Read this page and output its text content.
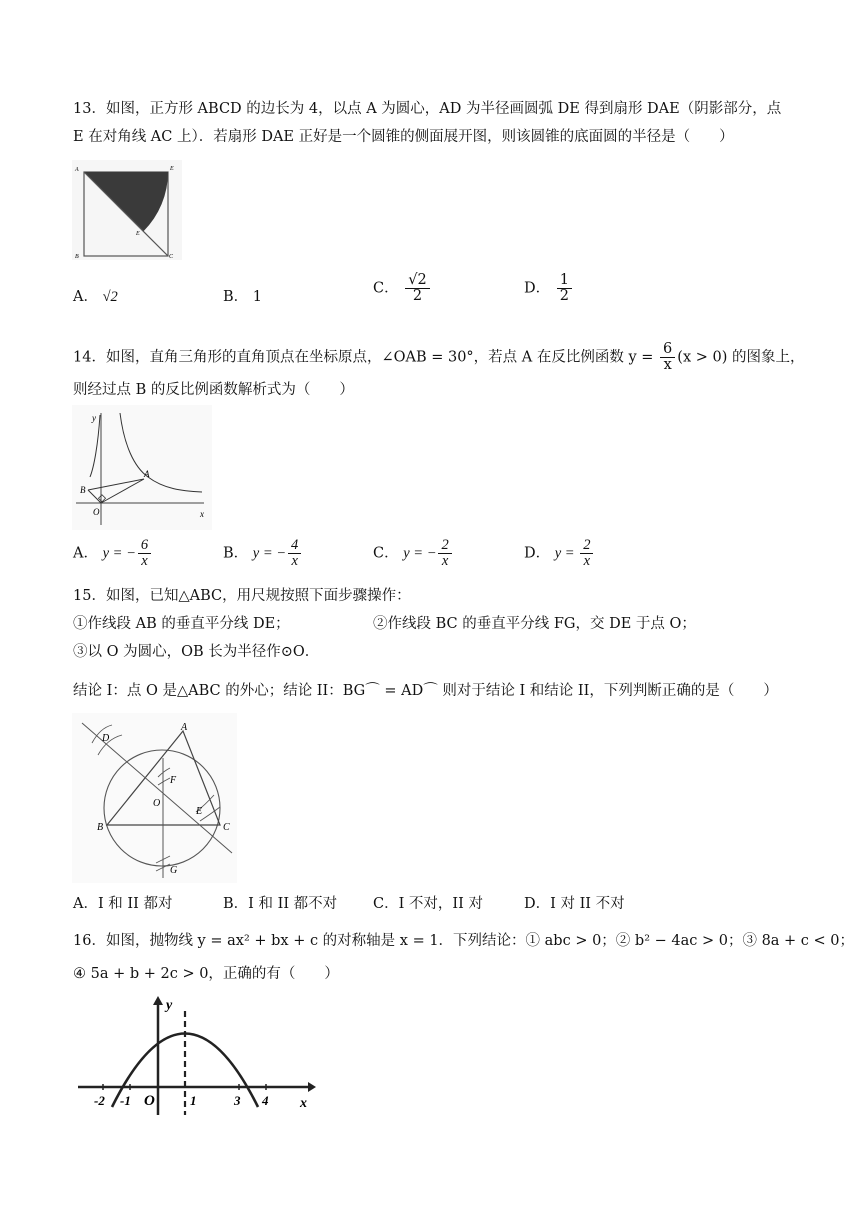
13．如图，正方形 ABCD 的边长为 4，以点 A 为圆心，AD 为半径画圆弧 DE 得到扇形 DAE（阴影部分，点
E 在对角线 AC 上）．若扇形 DAE 正好是一个圆锥的侧面展开图，则该圆锥的底面圆的半径是（　　）
A	E
E
B	C
A． √2	B． 1
C． $\frac{√2}{2}$	D． $\frac{1}{2}$
14．如图，直角三角形的直角顶点在坐标原点，∠OAB = 30°，若点 A 在反比例函数 $y = \frac{6}{x} (x > 0)$ 的图象上，
则经过点 B 的反比例函数解析式为（　　）
y
A
B
O	x
A． y = − $\frac{6}{x}$	B． y = − $\frac{4}{x}$	C． y = − $\frac{2}{x}$	D． $y = \frac{2}{x}$
15．如图，已知△ABC，用尺规按照下面步骤操作：
①作线段 AB 的垂直平分线 DE；	②作线段 BC 的垂直平分线 FG，交 DE 于点 O；
③以 O 为圆心，OB 长为半径作⊙O．
结论 I：点 O 是△ABC 的外心；结论 II：BG⌒ = AD⌒ 则对于结论 I 和结论 II，下列判断正确的是（　　）
D
A
F
O
E
B	C
G
A．I 和 II 都对	B．I 和 II 都不对 C．I 不对，II 对	D．I 对 II 不对
16．如图，抛物线 y = ax² + bx + c 的对称轴是 x = 1．下列结论：① abc > 0；② b² − 4ac > 0；③ 8a + c < 0；
④ 5a + b + 2c > 0，正确的有（　　）
y
x
-2 -1 O	1	3 4
